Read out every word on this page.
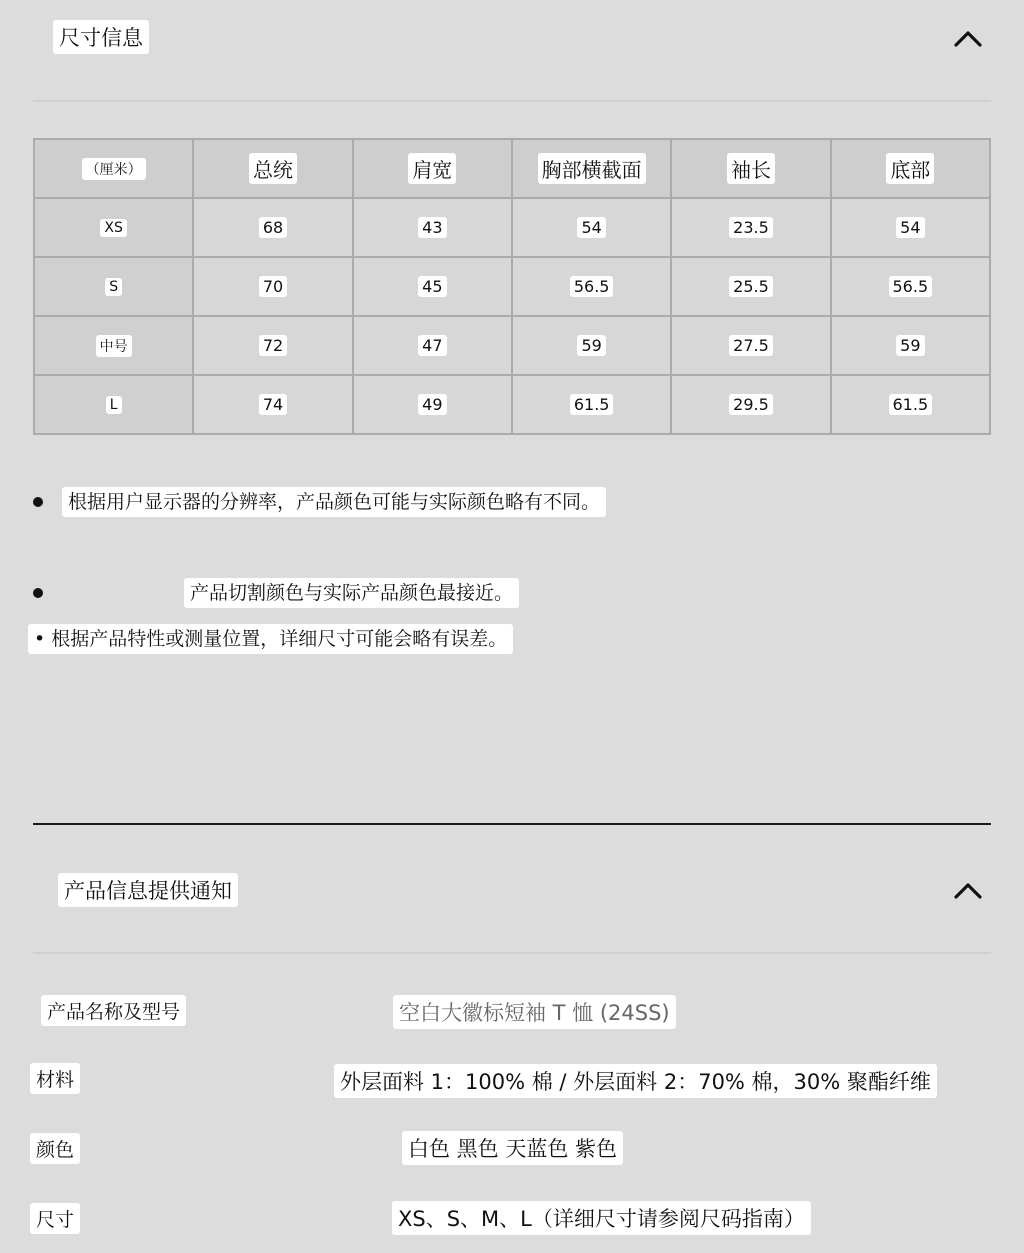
尺寸信息
（厘米）	总统	肩宽	胸部横截面	袖长	底部
XS	68	43	54	23.5	54
S	70	45	56.5	25.5	56.5
中号	72	47	59	27.5	59
L	74	49	61.5	29.5	61.5
根据用户显示器的分辨率，产品颜色可能与实际颜色略有不同。
产品切割颜色与实际产品颜色最接近。
• 根据产品特性或测量位置，详细尺寸可能会略有误差。
产品信息提供通知
产品名称及型号	空白大徽标短袖 T 恤 (24SS)
材料	外层面料 1：100% 棉 / 外层面料 2：70% 棉，30% 聚酯纤维
颜色	白色 黑色 天蓝色 紫色
尺寸	XS、S、M、L（详细尺寸请参阅尺码指南）
